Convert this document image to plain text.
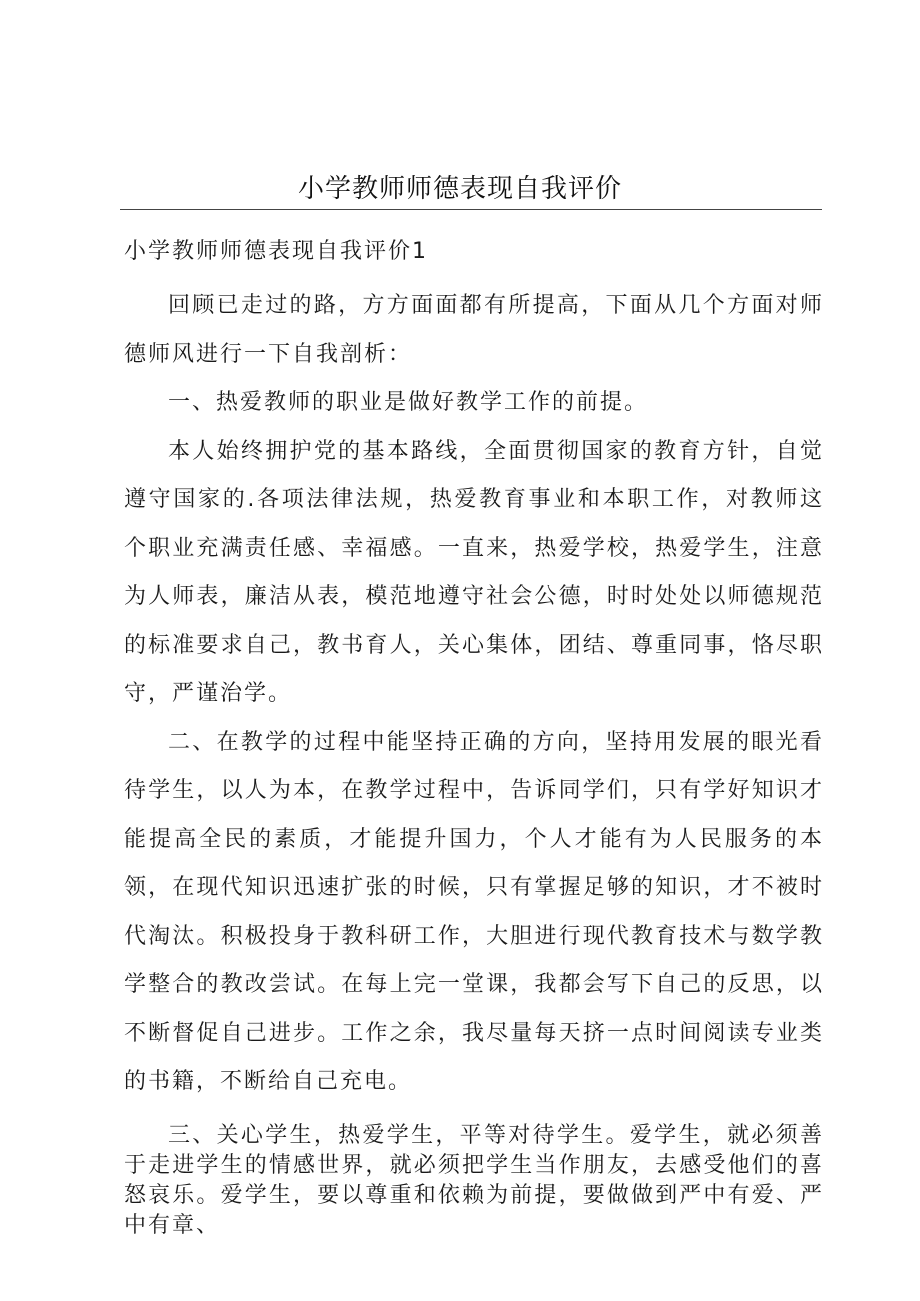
小学教师师德表现自我评价

小学教师师德表现自我评价1

回顾已走过的路，方方面面都有所提高，下面从几个方面对师德师风进行一下自我剖析：

一、热爱教师的职业是做好教学工作的前提。

本人始终拥护党的基本路线，全面贯彻国家的教育方针，自觉遵守国家的.各项法律法规，热爱教育事业和本职工作，对教师这个职业充满责任感、幸福感。一直来，热爱学校，热爱学生，注意为人师表，廉洁从表，模范地遵守社会公德，时时处处以师德规范的标准要求自己，教书育人，关心集体，团结、尊重同事，恪尽职守，严谨治学。

二、在教学的过程中能坚持正确的方向，坚持用发展的眼光看待学生，以人为本，在教学过程中，告诉同学们，只有学好知识才能提高全民的素质，才能提升国力，个人才能有为人民服务的本领，在现代知识迅速扩张的时候，只有掌握足够的知识，才不被时代淘汰。积极投身于教科研工作，大胆进行现代教育技术与数学教学整合的教改尝试。在每上完一堂课，我都会写下自己的反思，以不断督促自己进步。工作之余，我尽量每天挤一点时间阅读专业类的书籍，不断给自己充电。

三、关心学生，热爱学生，平等对待学生。爱学生，就必须善于走进学生的情感世界，就必须把学生当作朋友，去感受他们的喜怒哀乐。爱学生，要以尊重和依赖为前提，要做做到严中有爱、严中有章、
